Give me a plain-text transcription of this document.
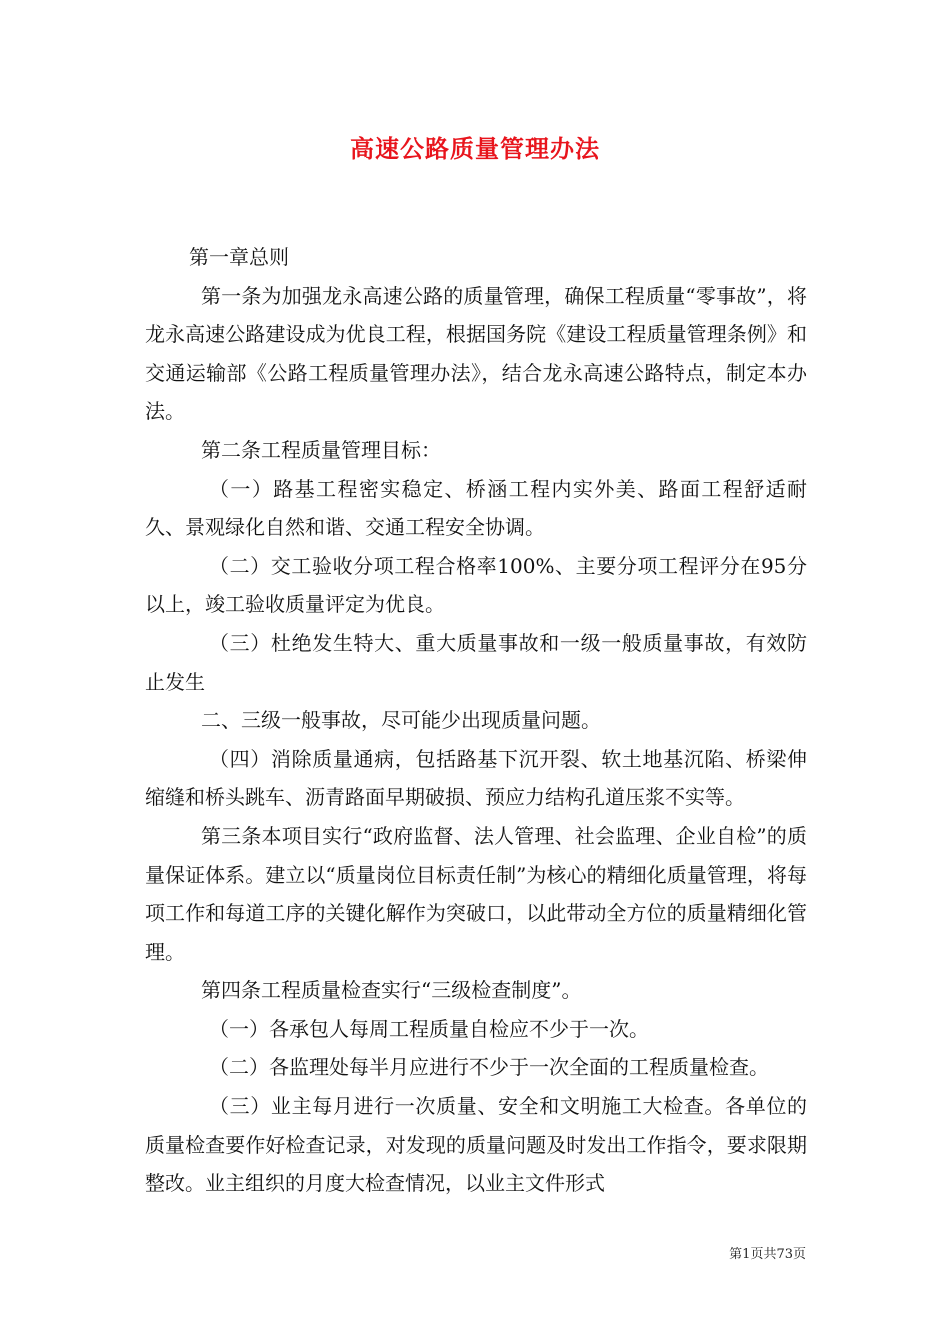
高速公路质量管理办法

第一章总则

第一条为加强龙永高速公路的质量管理，确保工程质量“零事故”，将龙永高速公路建设成为优良工程，根据国务院《建设工程质量管理条例》和交通运输部《公路工程质量管理办法》，结合龙永高速公路特点，制定本办法。

第二条工程质量管理目标：

（一）路基工程密实稳定、桥涵工程内实外美、路面工程舒适耐久、景观绿化自然和谐、交通工程安全协调。

（二）交工验收分项工程合格率100%、主要分项工程评分在95分以上，竣工验收质量评定为优良。

（三）杜绝发生特大、重大质量事故和一级一般质量事故，有效防止发生

二、三级一般事故，尽可能少出现质量问题。

（四）消除质量通病，包括路基下沉开裂、软土地基沉陷、桥梁伸缩缝和桥头跳车、沥青路面早期破损、预应力结构孔道压浆不实等。

第三条本项目实行“政府监督、法人管理、社会监理、企业自检”的质量保证体系。建立以“质量岗位目标责任制”为核心的精细化质量管理，将每项工作和每道工序的关键化解作为突破口，以此带动全方位的质量精细化管理。

第四条工程质量检查实行“三级检查制度”。

（一）各承包人每周工程质量自检应不少于一次。

（二）各监理处每半月应进行不少于一次全面的工程质量检查。

（三）业主每月进行一次质量、安全和文明施工大检查。各单位的质量检查要作好检查记录，对发现的质量问题及时发出工作指令，要求限期整改。业主组织的月度大检查情况，以业主文件形式

第1页共73页
